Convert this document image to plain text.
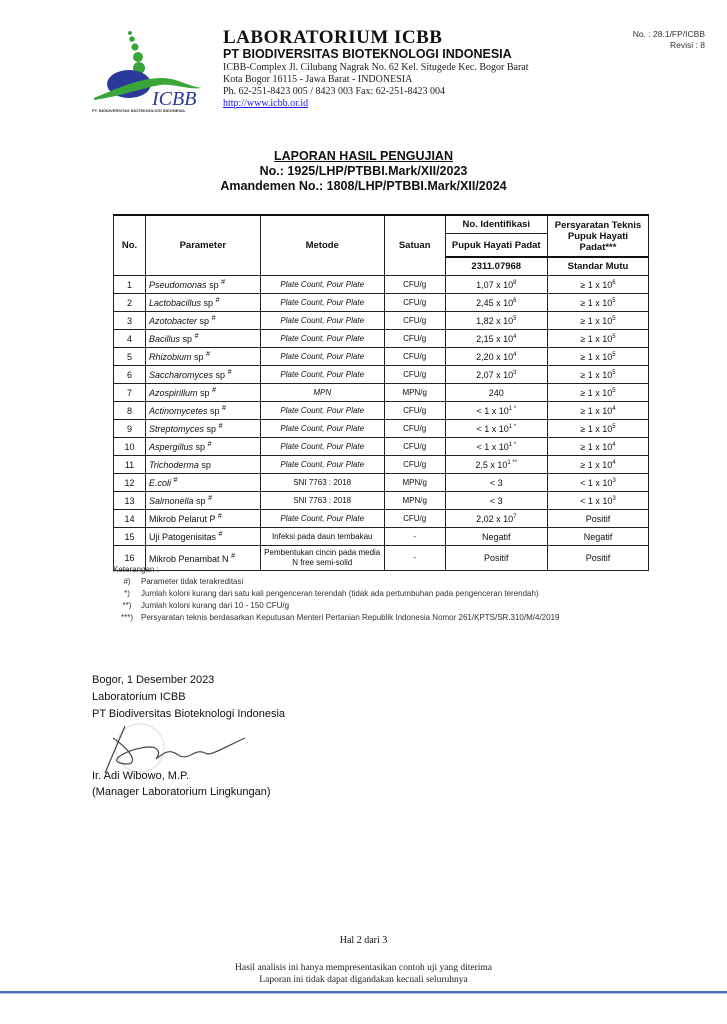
ICBB
PT. BIODIVERSITAS BIOTEKNOLOGI INDONESIA
LABORATORIUM ICBB
PT BIODIVERSITAS BIOTEKNOLOGI INDONESIA
ICBB-Complex Jl. Cilubang Nagrak No. 62 Kel. Situgede Kec. Bogor Barat
Kota Bogor 16115 - Jawa Barat - INDONESIA
Ph. 62-251-8423 005 / 8423 003 Fax: 62-251-8423 004
http://www.icbb.or.id
No. : 28.1/FP/ICBB
Revisi : 8
LAPORAN HASIL PENGUJIAN
No.: 1925/LHP/PTBBI.Mark/XII/2023
Amandemen No.: 1808/LHP/PTBBI.Mark/XII/2024
No.	Parameter	Metode	Satuan	No. Identifikasi	Persyaratan Teknis Pupuk Hayati Padat***
				Pupuk Hayati Padat	
				2311.07968	Standar Mutu
1	Pseudomonas sp #	Plate Count, Pour Plate	CFU/g	1,07 x $10^8$	≥ 1 x $10^6$
2	Lactobacillus sp #	Plate Count, Pour Plate	CFU/g	2,45 x $10^6$	≥ 1 x $10^5$
3	Azotobacter sp #	Plate Count, Pour Plate	CFU/g	1,82 x $10^5$	≥ 1 x $10^5$
4	Bacillus sp #	Plate Count, Pour Plate	CFU/g	2,15 x $10^4$	≥ 1 x $10^5$
5	Rhizobium sp #	Plate Count, Pour Plate	CFU/g	2,20 x $10^4$	≥ 1 x $10^5$
6	Saccharomyces sp #	Plate Count, Pour Plate	CFU/g	2,07 x $10^3$	≥ 1 x $10^5$
7	Azospirillum sp #	MPN	MPN/g	240	≥ 1 x $10^5$
8	Actinomycetes sp #	Plate Count, Pour Plate	CFU/g	< 1 x $10^1$ *	≥ 1 x $10^4$
9	Streptomyces sp #	Plate Count, Pour Plate	CFU/g	< 1 x $10^1$ *	≥ 1 x $10^5$
10	Aspergillus sp #	Plate Count, Pour Plate	CFU/g	< 1 x $10^1$ *	≥ 1 x $10^4$
11	Trichoderma sp	Plate Count, Pour Plate	CFU/g	2,5 x $10^1$ **	≥ 1 x $10^4$
12	E.coli #	SNI 7763 : 2018	MPN/g	< 3	< 1 x $10^3$
13	Salmonella sp #	SNI 7763 : 2018	MPN/g	< 3	< 1 x $10^3$
14	Mikrob Pelarut P #	Plate Count, Pour Plate	CFU/g	2,02 x $10^7$	Positif
15	Uji Patogenisitas #	Infeksi pada daun tembakau	-	Negatif	Negatif
16	Mikrob Penambat N #	Pembentukan cincin pada media N free semi-solid	-	Positif	Positif
Keterangan :
#)	Parameter tidak terakreditasi
*)	Jumlah koloni kurang dari satu kali pengenceran terendah (tidak ada pertumbuhan pada pengenceran terendah)
**)	Jumlah koloni kurang dari 10 - 150 CFU/g
***)	Persyaratan teknis berdasarkan Keputusan Menteri Pertanian Republik Indonesia Nomor 261/KPTS/SR.310/M/4/2019
Bogor, 1 Desember 2023
Laboratorium ICBB
PT Biodiversitas Bioteknologi Indonesia
Ir. Adi Wibowo, M.P.
(Manager Laboratorium Lingkungan)
Hal 2 dari 3
Hasil analisis ini hanya mempresentasikan contoh uji yang diterima
Laporan ini tidak dapat digandakan kecuali seluruhnya
